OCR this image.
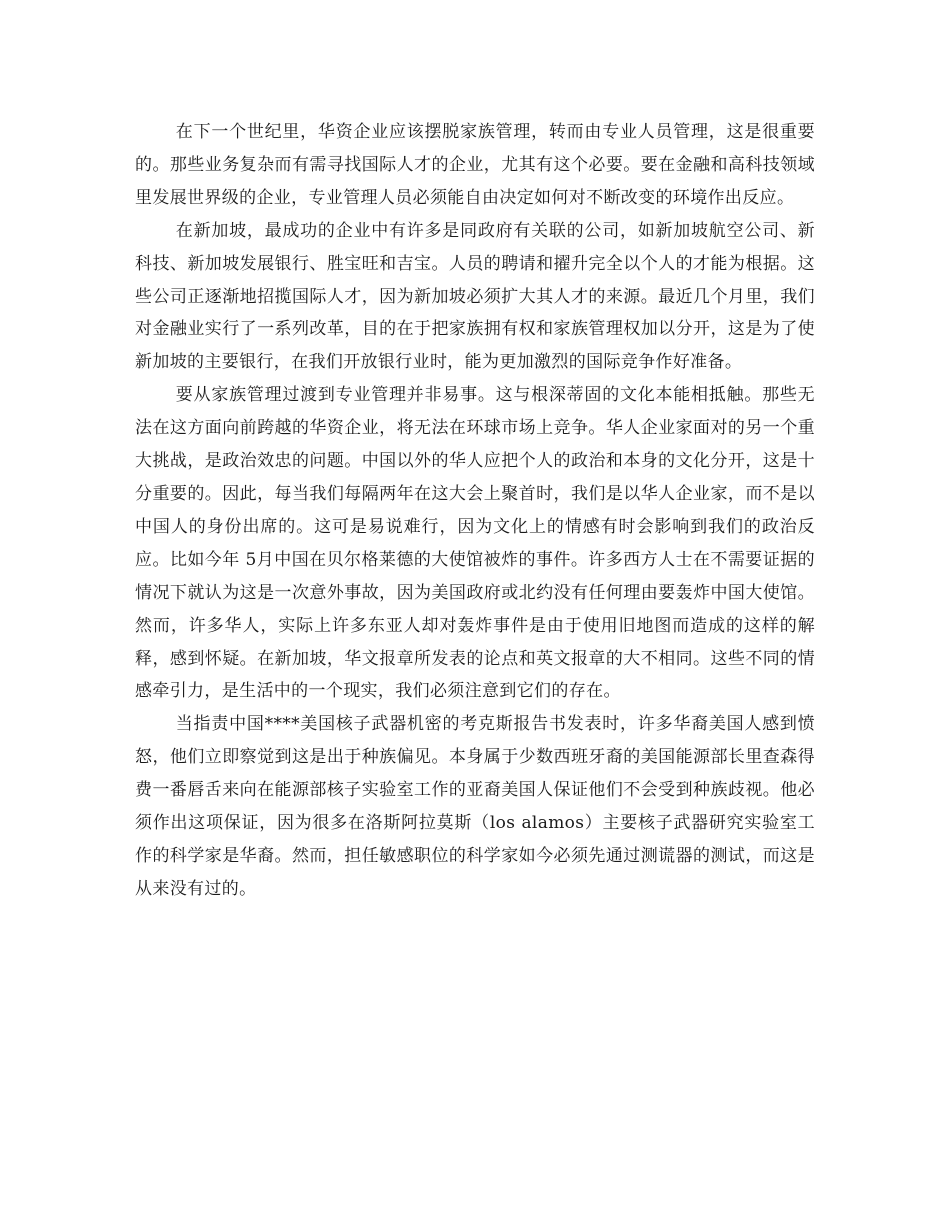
在下一个世纪里，华资企业应该摆脱家族管理，转而由专业人员管理，这是很重要的。那些业务复杂而有需寻找国际人才的企业，尤其有这个必要。要在金融和高科技领域里发展世界级的企业，专业管理人员必须能自由决定如何对不断改变的环境作出反应。

在新加坡，最成功的企业中有许多是同政府有关联的公司，如新加坡航空公司、新科技、新加坡发展银行、胜宝旺和吉宝。人员的聘请和擢升完全以个人的才能为根据。这些公司正逐渐地招揽国际人才，因为新加坡必须扩大其人才的来源。最近几个月里，我们对金融业实行了一系列改革，目的在于把家族拥有权和家族管理权加以分开，这是为了使新加坡的主要银行，在我们开放银行业时，能为更加激烈的国际竞争作好准备。

要从家族管理过渡到专业管理并非易事。这与根深蒂固的文化本能相抵触。那些无法在这方面向前跨越的华资企业，将无法在环球市场上竞争。华人企业家面对的另一个重大挑战，是政治效忠的问题。中国以外的华人应把个人的政治和本身的文化分开，这是十分重要的。因此，每当我们每隔两年在这大会上聚首时，我们是以华人企业家，而不是以中国人的身份出席的。这可是易说难行，因为文化上的情感有时会影响到我们的政治反应。比如今年 5月中国在贝尔格莱德的大使馆被炸的事件。许多西方人士在不需要证据的情况下就认为这是一次意外事故，因为美国政府或北约没有任何理由要轰炸中国大使馆。然而，许多华人，实际上许多东亚人却对轰炸事件是由于使用旧地图而造成的这样的解释，感到怀疑。在新加坡，华文报章所发表的论点和英文报章的大不相同。这些不同的情感牵引力，是生活中的一个现实，我们必须注意到它们的存在。

当指责中国****美国核子武器机密的考克斯报告书发表时，许多华裔美国人感到愤怒，他们立即察觉到这是出于种族偏见。本身属于少数西班牙裔的美国能源部长里查森得费一番唇舌来向在能源部核子实验室工作的亚裔美国人保证他们不会受到种族歧视。他必须作出这项保证，因为很多在洛斯阿拉莫斯（los alamos）主要核子武器研究实验室工作的科学家是华裔。然而，担任敏感职位的科学家如今必须先通过测谎器的测试，而这是从来没有过的。
